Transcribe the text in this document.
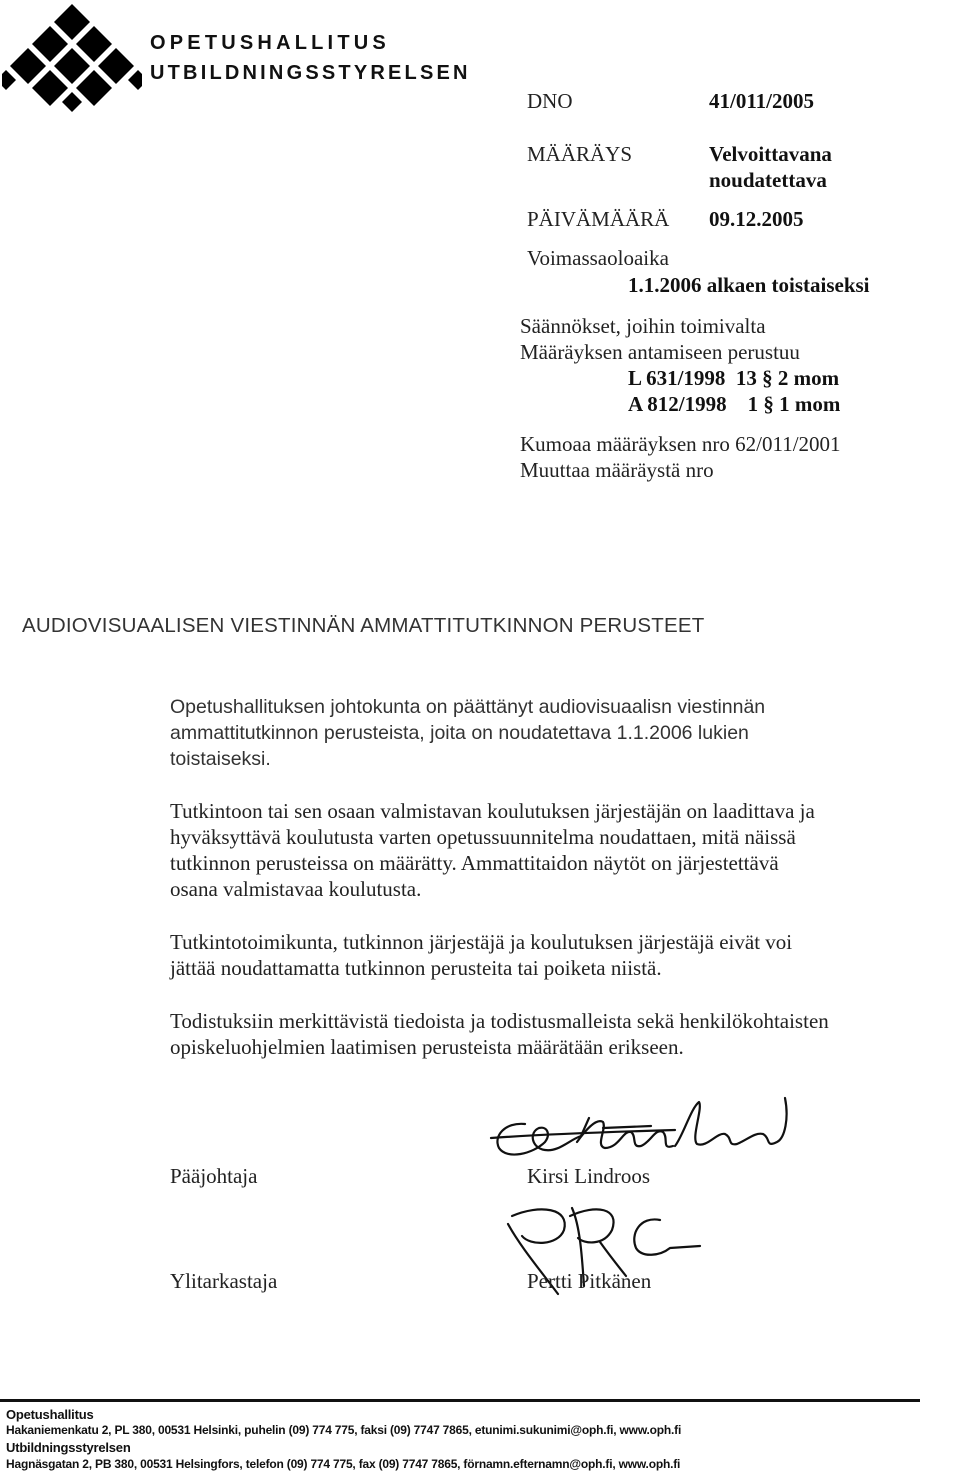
OPETUSHALLITUS
UTBILDNINGSSTYRELSEN
DNO	41/011/2005
MÄÄRÄYS	Velvoittavana
noudatettava
PÄIVÄMÄÄRÄ 09.12.2005
Voimassaoloaika
1.1.2006 alkaen toistaiseksi
Säännökset, joihin toimivalta
Määräyksen antamiseen perustuu
L 631/1998  13 § 2 mom
A 812/1998    1 § 1 mom
Kumoaa määräyksen nro 62/011/2001
Muuttaa määräystä nro
AUDIOVISUAALISEN VIESTINNÄN AMMATTITUTKINNON PERUSTEET
Opetushallituksen johtokunta on päättänyt audiovisuaalisn viestinnän
ammattitutkinnon perusteista, joita on noudatettava 1.1.2006 lukien
toistaiseksi.
Tutkintoon tai sen osaan valmistavan koulutuksen järjestäjän on laadittava ja
hyväksyttävä koulutusta varten opetussuunnitelma noudattaen, mitä näissä
tutkinnon perusteissa on määrätty. Ammattitaidon näytöt on järjestettävä
osana valmistavaa koulutusta.
Tutkintotoimikunta, tutkinnon järjestäjä ja koulutuksen järjestäjä eivät voi
jättää noudattamatta tutkinnon perusteita tai poiketa niistä.
Todistuksiin merkittävistä tiedoista ja todistusmalleista sekä henkilökohtaisten
opiskeluohjelmien laatimisen perusteista määrätään erikseen.
Pääjohtaja	Kirsi Lindroos
Ylitarkastaja	Pertti Pitkänen
Opetushallitus
Hakaniemenkatu 2, PL 380, 00531 Helsinki, puhelin (09) 774 775, faksi (09) 7747 7865, etunimi.sukunimi@oph.fi, www.oph.fi
Utbildningsstyrelsen
Hagnäsgatan 2, PB 380, 00531 Helsingfors, telefon (09) 774 775, fax (09) 7747 7865, förnamn.efternamn@oph.fi, www.oph.fi
